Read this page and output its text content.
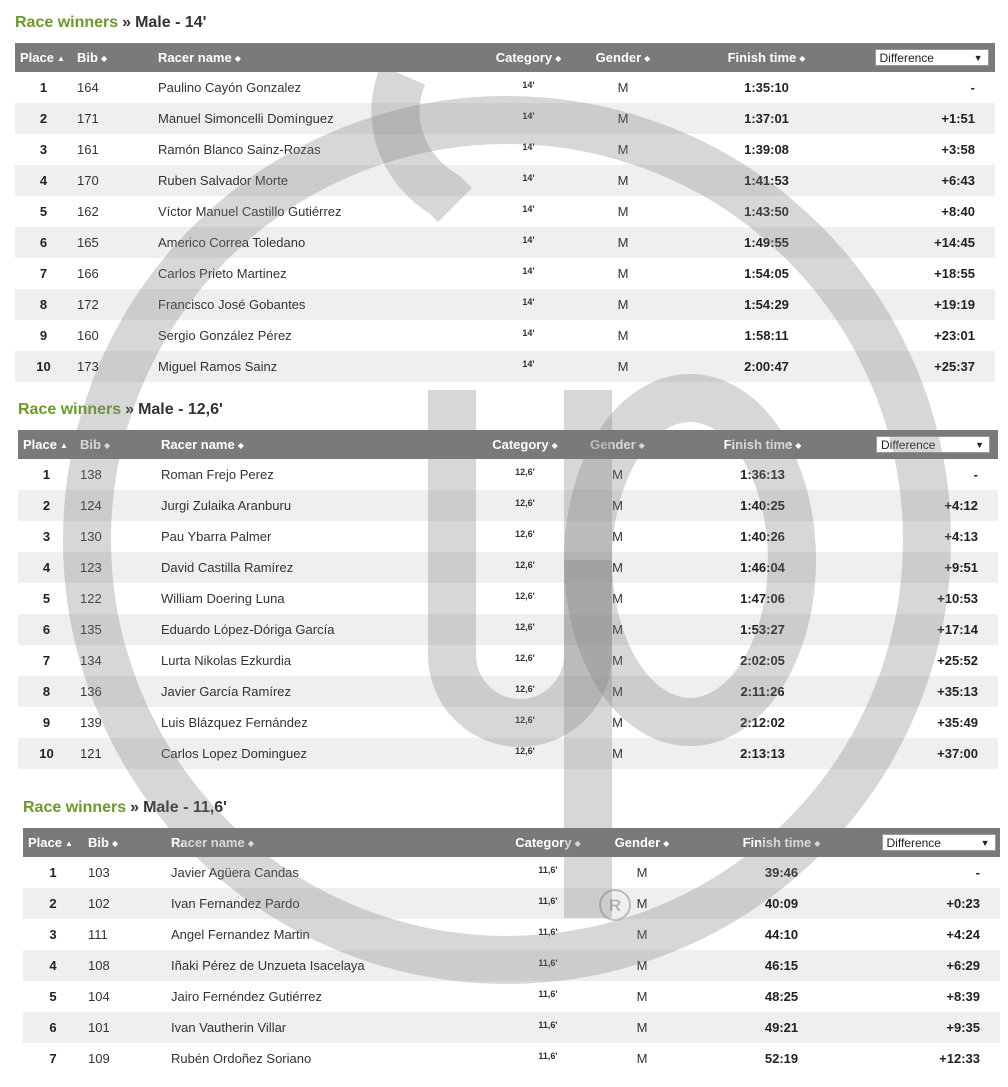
Race winners » Male - 14'
Place ▲	Bib ◆	Racer name ◆	Category ◆	Gender ◆	Finish time ◆	Difference ▼

1	164	Paulino Cayón Gonzalez	14'	M	1:35:10	-
2	171	Manuel Simoncelli Domínguez	14'	M	1:37:01	+1:51
3	161	Ramón Blanco Sainz-Rozas	14'	M	1:39:08	+3:58
4	170	Ruben Salvador Morte	14'	M	1:41:53	+6:43
5	162	Víctor Manuel Castillo Gutiérrez	14'	M	1:43:50	+8:40
6	165	Americo Correa Toledano	14'	M	1:49:55	+14:45
7	166	Carlos Prieto Martinez	14'	M	1:54:05	+18:55
8	172	Francisco José Gobantes	14'	M	1:54:29	+19:19
9	160	Sergio González Pérez	14'	M	1:58:11	+23:01
10	173	Miguel Ramos Sainz	14'	M	2:00:47	+25:37
Race winners » Male - 12,6'
Place ▲	Bib ◆	Racer name ◆	Category ◆	Gender ◆	Finish time ◆	Difference ▼

1	138	Roman Frejo Perez	12,6'	M	1:36:13	-
2	124	Jurgi Zulaika Aranburu	12,6'	M	1:40:25	+4:12
3	130	Pau Ybarra Palmer	12,6'	M	1:40:26	+4:13
4	123	David Castilla Ramírez	12,6'	M	1:46:04	+9:51
5	122	William Doering Luna	12,6'	M	1:47:06	+10:53
6	135	Eduardo López-Dóriga García	12,6'	M	1:53:27	+17:14
7	134	Lurta Nikolas Ezkurdia	12,6'	M	2:02:05	+25:52
8	136	Javier García Ramírez	12,6'	M	2:11:26	+35:13
9	139	Luis Blázquez Fernández	12,6'	M	2:12:02	+35:49
10	121	Carlos Lopez Dominguez	12,6'	M	2:13:13	+37:00
Race winners » Male - 11,6'
Place ▲	Bib ◆	Racer name ◆	Category ◆	Gender ◆	Finish time ◆	Difference ▼

1	103	Javier Agüera Candas	11,6'	M	39:46	-
2	102	Ivan Fernandez Pardo	11,6'	M	40:09	+0:23
3	111	Angel Fernandez Martin	11,6'	M	44:10	+4:24
4	108	Iñaki Pérez de Unzueta Isacelaya	11,6'	M	46:15	+6:29
5	104	Jairo Fernéndez Gutiérrez	11,6'	M	48:25	+8:39
6	101	Ivan Vautherin Villar	11,6'	M	49:21	+9:35
7	109	Rubén Ordoñez Soriano	11,6'	M	52:19	+12:33
R
